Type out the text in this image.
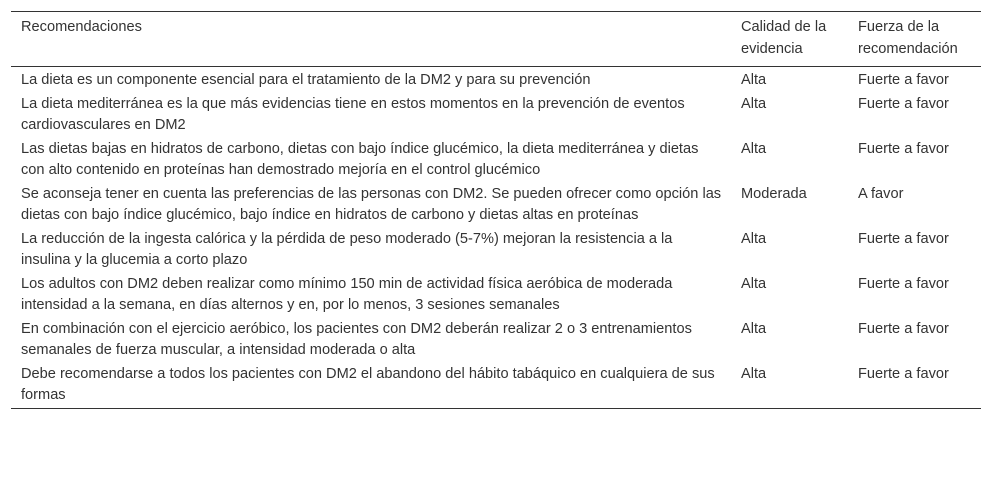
Recomendaciones	Calidad de la evidencia	Fuerza de la recomendación
La dieta es un componente esencial para el tratamiento de la DM2 y para su prevención	Alta	Fuerte a favor
La dieta mediterránea es la que más evidencias tiene en estos momentos en la prevención de eventos cardiovasculares en DM2	Alta	Fuerte a favor
Las dietas bajas en hidratos de carbono, dietas con bajo índice glucémico, la dieta mediterránea y dietas con alto contenido en proteínas han demostrado mejoría en el control glucémico	Alta	Fuerte a favor
Se aconseja tener en cuenta las preferencias de las personas con DM2. Se pueden ofrecer como opción las dietas con bajo índice glucémico, bajo índice en hidratos de carbono y dietas altas en proteínas	Moderada	A favor
La reducción de la ingesta calórica y la pérdida de peso moderado (5-7%) mejoran la resistencia a la insulina y la glucemia a corto plazo	Alta	Fuerte a favor
Los adultos con DM2 deben realizar como mínimo 150 min de actividad física aeróbica de moderada intensidad a la semana, en días alternos y en, por lo menos, 3 sesiones semanales	Alta	Fuerte a favor
En combinación con el ejercicio aeróbico, los pacientes con DM2 deberán realizar 2 o 3 entrenamientos semanales de fuerza muscular, a intensidad moderada o alta	Alta	Fuerte a favor
Debe recomendarse a todos los pacientes con DM2 el abandono del hábito tabáquico en cualquiera de sus formas	Alta	Fuerte a favor
